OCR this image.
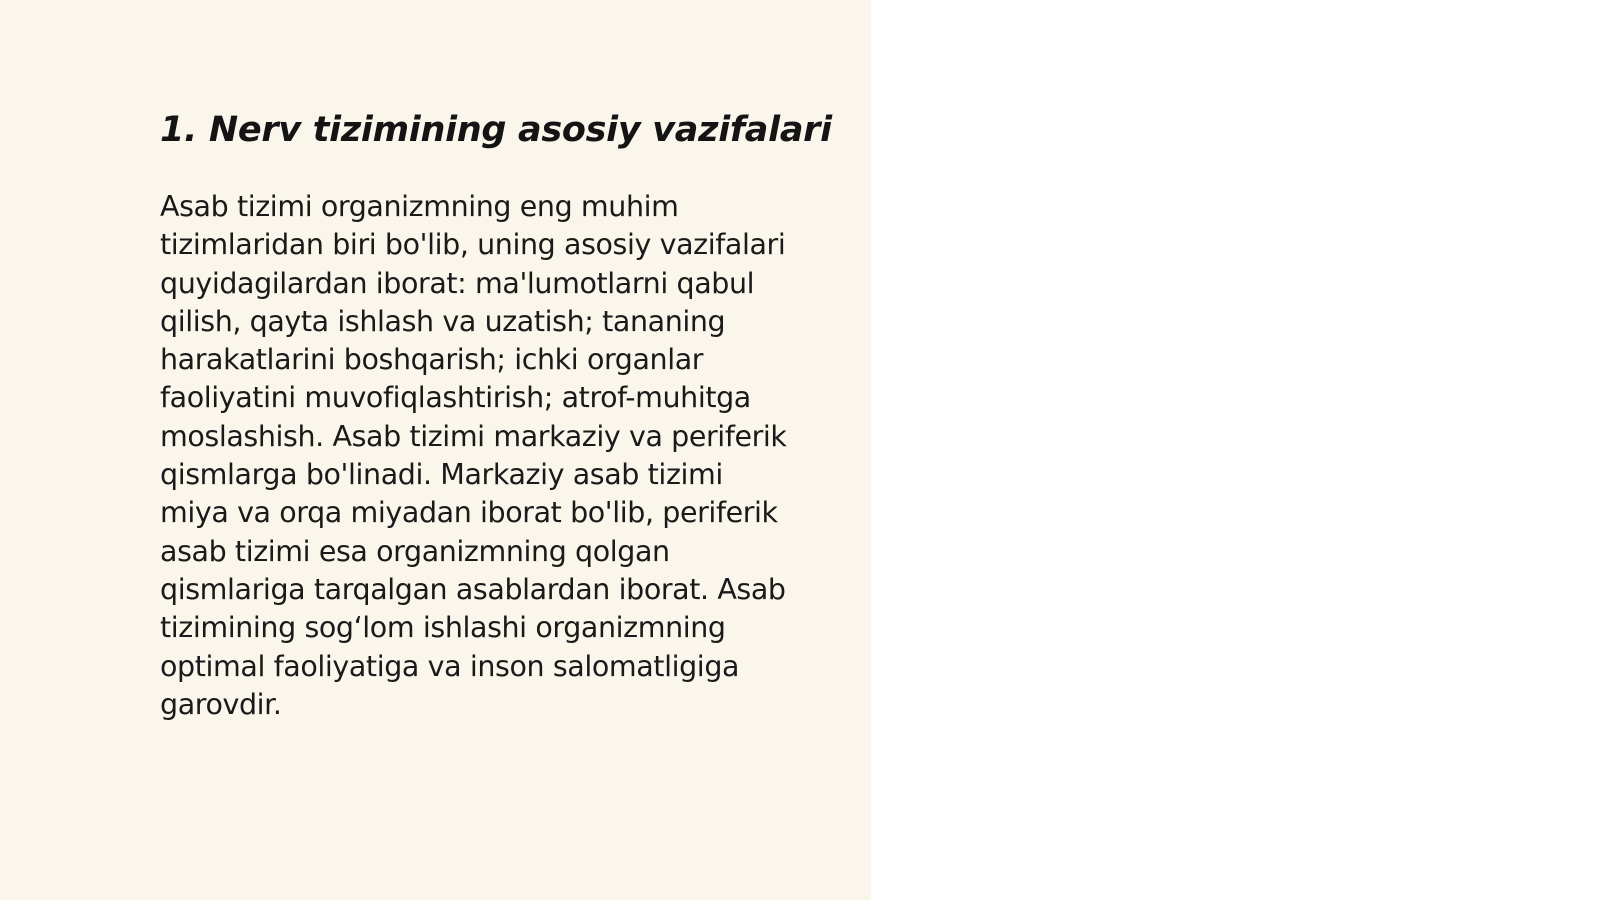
1. Nerv tizimining asosiy vazifalari

Asab tizimi organizmning eng muhim
tizimlaridan biri bo'lib, uning asosiy vazifalari
quyidagilardan iborat: ma'lumotlarni qabul
qilish, qayta ishlash va uzatish; tananing
harakatlarini boshqarish; ichki organlar
faoliyatini muvofiqlashtirish; atrof-muhitga
moslashish. Asab tizimi markaziy va periferik
qismlarga bo'linadi. Markaziy asab tizimi
miya va orqa miyadan iborat bo'lib, periferik
asab tizimi esa organizmning qolgan
qismlariga tarqalgan asablardan iborat. Asab
tizimining sog‘lom ishlashi organizmning
optimal faoliyatiga va inson salomatligiga
garovdir.
